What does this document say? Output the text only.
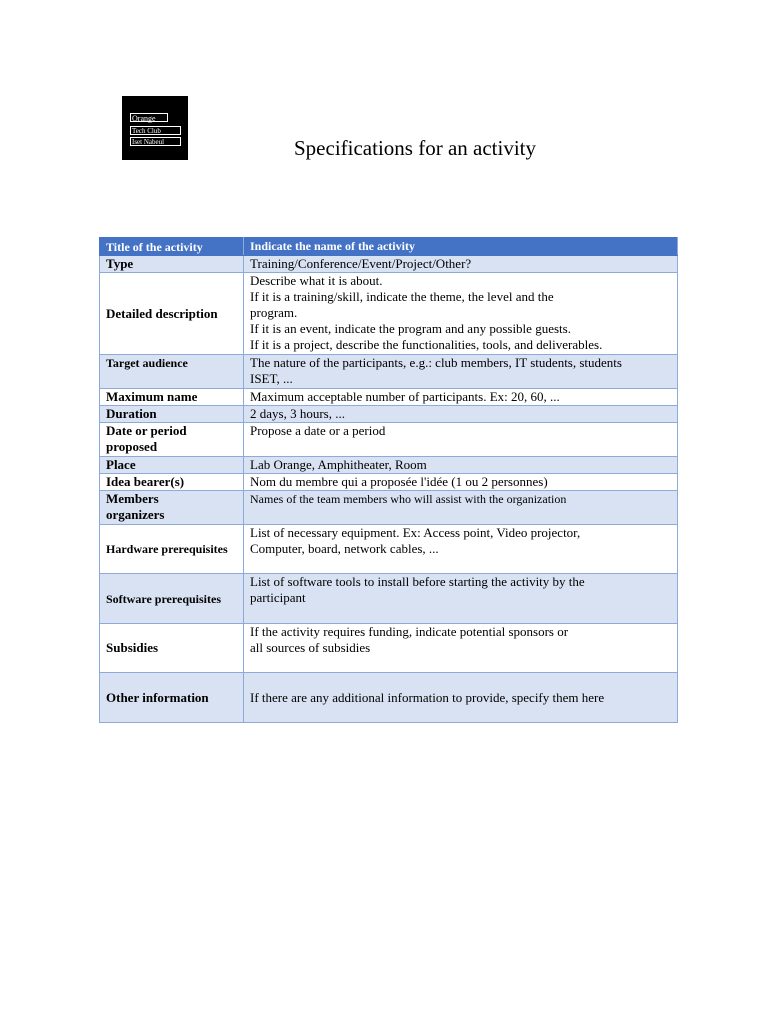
Orange
Tech Club
Iset Nabeul	Specifications for an activity
Title of the activity	Indicate the name of the activity
Type	Training/Conference/Event/Project/Other?

Detailed description	Describe what it is about.
If it is a training/skill, indicate the theme, the level and the
program.
If it is an event, indicate the program and any possible guests.
If it is a project, describe the functionalities, tools, and deliverables.

Target audience	The nature of the participants, e.g.: club members, IT students, students
ISET, ...

Maximum name	Maximum acceptable number of participants. Ex: 20, 60, ...

Duration	2 days, 3 hours, ...

Date or period
proposed	Propose a date or a period

Place	Lab Orange, Amphitheater, Room

Idea bearer(s)	Nom du membre qui a proposée l'idée (1 ou 2 personnes)

Members
organizers	Names of the team members who will assist with the organization

Hardware prerequisites	List of necessary equipment. Ex: Access point, Video projector,
Computer, board, network cables, ...

Software prerequisites	List of software tools to install before starting the activity by the
participant

Subsidies	If the activity requires funding, indicate potential sponsors or
all sources of subsidies

Other information	If there are any additional information to provide, specify them here
